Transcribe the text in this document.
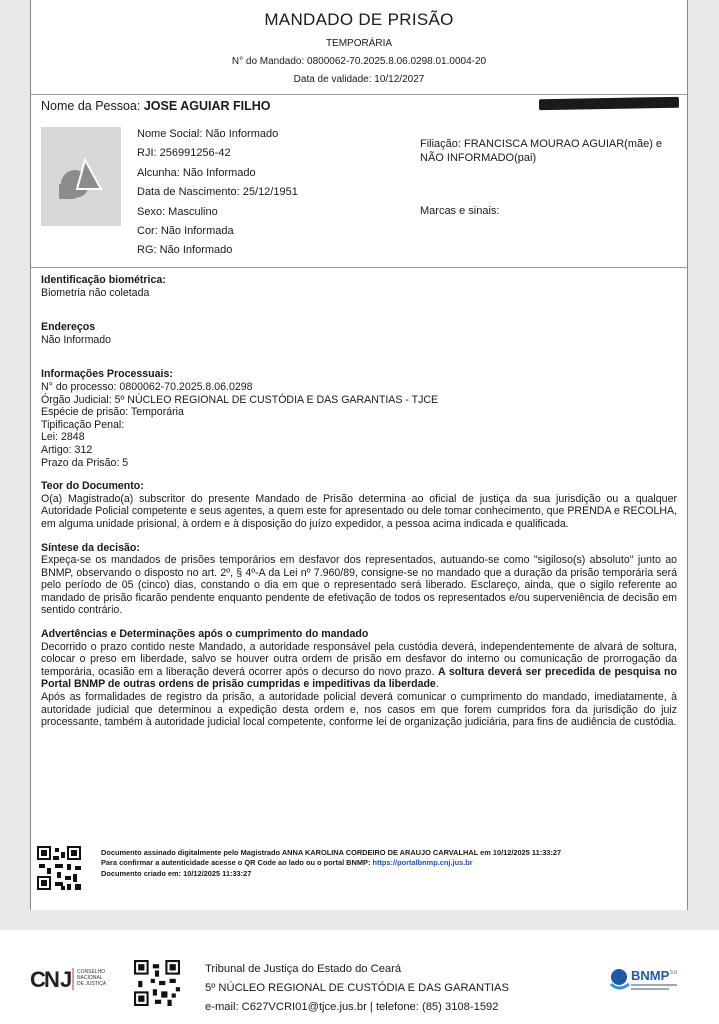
MANDADO DE PRISÃO
TEMPORÁRIA
N° do Mandado: 0800062-70.2025.8.06.0298.01.0004-20
Data de validade: 10/12/2027
Nome da Pessoa: JOSE AGUIAR FILHO
Nome Social: Não Informado
RJI: 256991256-42
Alcunha: Não Informado
Data de Nascimento: 25/12/1951
Sexo: Masculino
Cor: Não Informada
RG: Não Informado
Filiação: FRANCISCA MOURAO AGUIAR(mãe) e NÃO INFORMADO(pai)
Marcas e sinais:
Identificação biométrica:
Biometria não coletada
Endereços
Não Informado
Informações Processuais:
N° do processo: 0800062-70.2025.8.06.0298
Órgão Judicial: 5º NÚCLEO REGIONAL DE CUSTÓDIA E DAS GARANTIAS - TJCE
Espécie de prisão: Temporária
Tipificação Penal:
Lei: 2848
Artigo: 312
Prazo da Prisão: 5
Teor do Documento:
O(a) Magistrado(a) subscritor do presente Mandado de Prisão determina ao oficial de justiça da sua jurisdição ou a qualquer Autoridade Policial competente e seus agentes, a quem este for apresentado ou dele tomar conhecimento, que PRENDA e RECOLHA, em alguma unidade prisional, à ordem e à disposição do juízo expedidor, a pessoa acima indicada e qualificada.
Síntese da decisão:
Expeça-se os mandados de prisões temporários em desfavor dos representados, autuando-se como "sigiloso(s) absoluto" junto ao BNMP, observando o disposto no art. 2º, § 4º-A da Lei nº 7.960/89, consigne-se no mandado que a duração da prisão temporária será pelo período de 05 (cinco) dias, constando o dia em que o representado será liberado. Esclareço, ainda, que o sigilo referente ao mandado de prisão ficarão pendente enquanto pendente de efetivação de todos os representados e/ou superveniência de decisão em sentido contrário.
Advertências e Determinações após o cumprimento do mandado
Decorrido o prazo contido neste Mandado, a autoridade responsável pela custódia deverá, independentemente de alvará de soltura, colocar o preso em liberdade, salvo se houver outra ordem de prisão em desfavor do interno ou comunicação de prorrogação da temporária, ocasião em a liberação deverá ocorrer após o decurso do novo prazo. A soltura deverá ser precedida de pesquisa no Portal BNMP de outras ordens de prisão cumpridas e impeditivas da liberdade.
Após as formalidades de registro da prisão, a autoridade policial deverá comunicar o cumprimento do mandado, imediatamente, à autoridade judicial que determinou a expedição desta ordem e, nos casos em que forem cumpridos fora da jurisdição do juiz processante, também à autoridade judicial local competente, conforme lei de organização judiciária, para fins de audiência de custódia.
Documento assinado digitalmente pelo Magistrado ANNA KAROLINA CORDEIRO DE ARAUJO CARVALHAL em 10/12/2025 11:33:27
Para confirmar a autenticidade acesse o QR Code ao lado ou o portal BNMP: https://portalbnmp.cnj.jus.br
Documento criado em: 10/12/2025 11:33:27
C
N J CONSELHO
NACIONAL
DE JUSTIÇA
Tribunal de Justiça do Estado do Ceará
5º NÚCLEO REGIONAL DE CUSTÓDIA E DAS GARANTIAS
e-mail: C627VCRI01@tjce.jus.br | telefone: (85) 3108-1592
BNMP 3.0
